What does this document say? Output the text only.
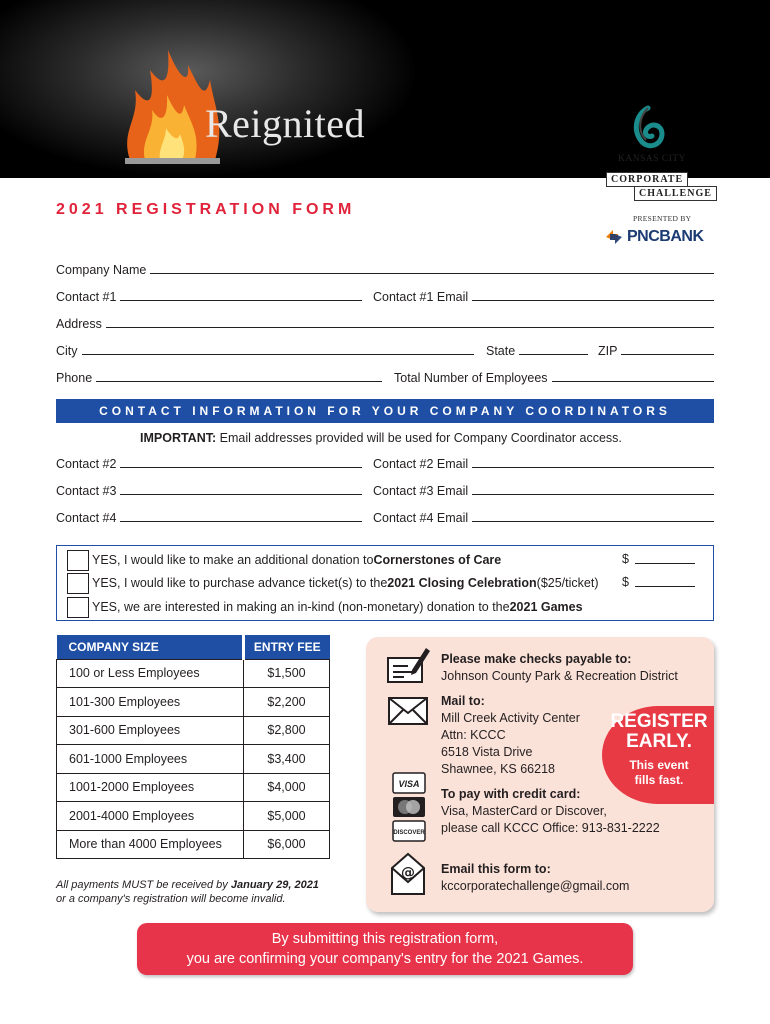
Reignited
KANSAS CITY
CORPORATE
CHALLENGE
PRESENTED BY
PNCBANK
2021 REGISTRATION FORM
Company Name
Contact #1	Contact #1 Email
Address
City	State	ZIP
Phone	Total Number of Employees
CONTACT INFORMATION FOR YOUR COMPANY COORDINATORS
IMPORTANT: Email addresses provided will be used for Company Coordinator access.
Contact #2	Contact #2 Email
Contact #3	Contact #3 Email
Contact #4	Contact #4 Email
YES, I would like to make an additional donation to Cornerstones of Care
YES, I would like to purchase advance ticket(s) to the 2021 Closing Celebration ($25/ticket)
YES, we are interested in making an in-kind (non-monetary) donation to the 2021 Games
$
$
COMPANY SIZE	ENTRY FEE
100 or Less Employees	$1,500
101-300 Employees	$2,200
301-600 Employees	$2,800
601-1000 Employees	$3,400
1001-2000 Employees	$4,000
2001-4000 Employees	$5,000
More than 4000 Employees	$6,000
All payments MUST be received by January 29, 2021
or a company's registration will become invalid.
Please make checks payable to:
Johnson County Park & Recreation District
Mail to:
Mill Creek Activity Center
Attn: KCCC
6518 Vista Drive
Shawnee, KS 66218
VISA
DISCOVER
To pay with credit card:
Visa, MasterCard or Discover,
please call KCCC Office: 913-831-2222
@ Email this form to:
kccorporatechallenge@gmail.com
REGISTER
EARLY.
This event
fills fast.
By submitting this registration form,
you are confirming your company's entry for the 2021 Games.
